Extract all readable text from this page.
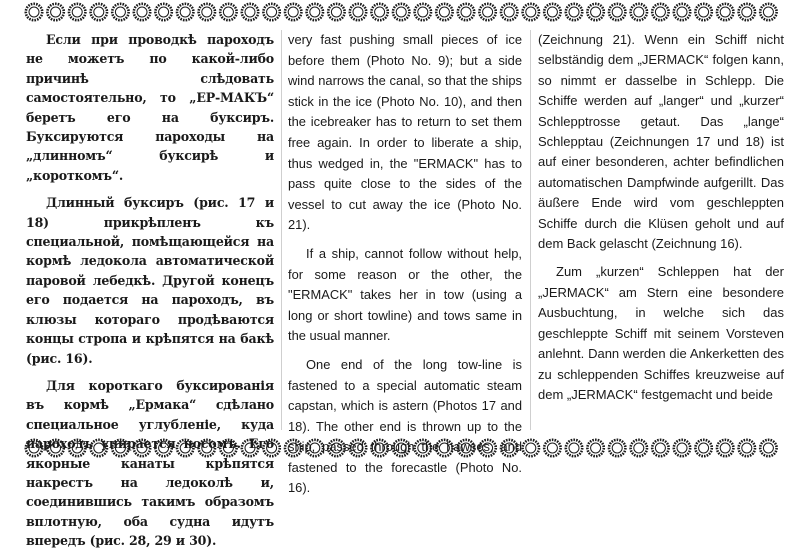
Если при проводкѣ пароходъ не можетъ по какой-либо причинѣ слѣдовать самостоятельно, то „ЕР-МАКЪ“ беретъ его на буксиръ. Буксируются пароходы на „длинномъ“ буксирѣ и „короткомъ“.

Длинный буксиръ (рис. 17 и 18) прикрѣпленъ къ специальной, помѣщающейся на кормѣ ледокола автоматической паровой лебедкѣ. Другой конецъ его подается на пароходъ, въ клюзы котораго продѣваются концы стропа и крѣпятся на бакѣ (рис. 16).

Для короткаго буксированія въ кормѣ „Ермака“ сдѣлано специальное углубленіе, куда пароходъ упирается носомъ. Его якорные канаты крѣпятся накрестъ на ледоколѣ и, соединившись такимъ образомъ вплотную, оба судна идутъ впередъ (рис. 28, 29 и 30).

very fast pushing small pieces of ice before them (Photo No. 9); but a side wind narrows the canal, so that the ships stick in the ice (Photo No. 10), and then the icebreaker has to return to set them free again. In order to liberate a ship, thus wedged in, the "ERMACK" has to pass quite close to the sides of the vessel to cut away the ice (Photo No. 21).

If a ship, cannot follow without help, for some reason or the other, the "ERMACK" takes her in tow (using a long or short towline) and tows same in the usual manner.

One end of the long tow-line is fastened to a special automatic steam capstan, which is astern (Photos 17 and 18). The other end is thrown up to the ship, passed through the hawses, and fastened to the forecastle (Photo No. 16).

(Zeichnung 21). Wenn ein Schiff nicht selbständig dem „JERMACK“ folgen kann, so nimmt er dasselbe in Schlepp. Die Schiffe werden auf „langer“ und „kurzer“ Schlepptrosse getaut. Das „lange“ Schlepptau (Zeichnungen 17 und 18) ist auf einer besonderen, achter befindlichen automatischen Dampfwinde aufgerillt. Das äußere Ende wird vom geschleppten Schiffe durch die Klüsen geholt und auf dem Back gelascht (Zeichnung 16).

Zum „kurzen“ Schleppen hat der „JERMACK“ am Stern eine besondere Ausbuchtung, in welche sich das geschleppte Schiff mit seinem Vorsteven anlehnt. Dann werden die Ankerketten des zu schleppenden Schiffes kreuzweise auf dem „JERMACK“ festgemacht und beide
